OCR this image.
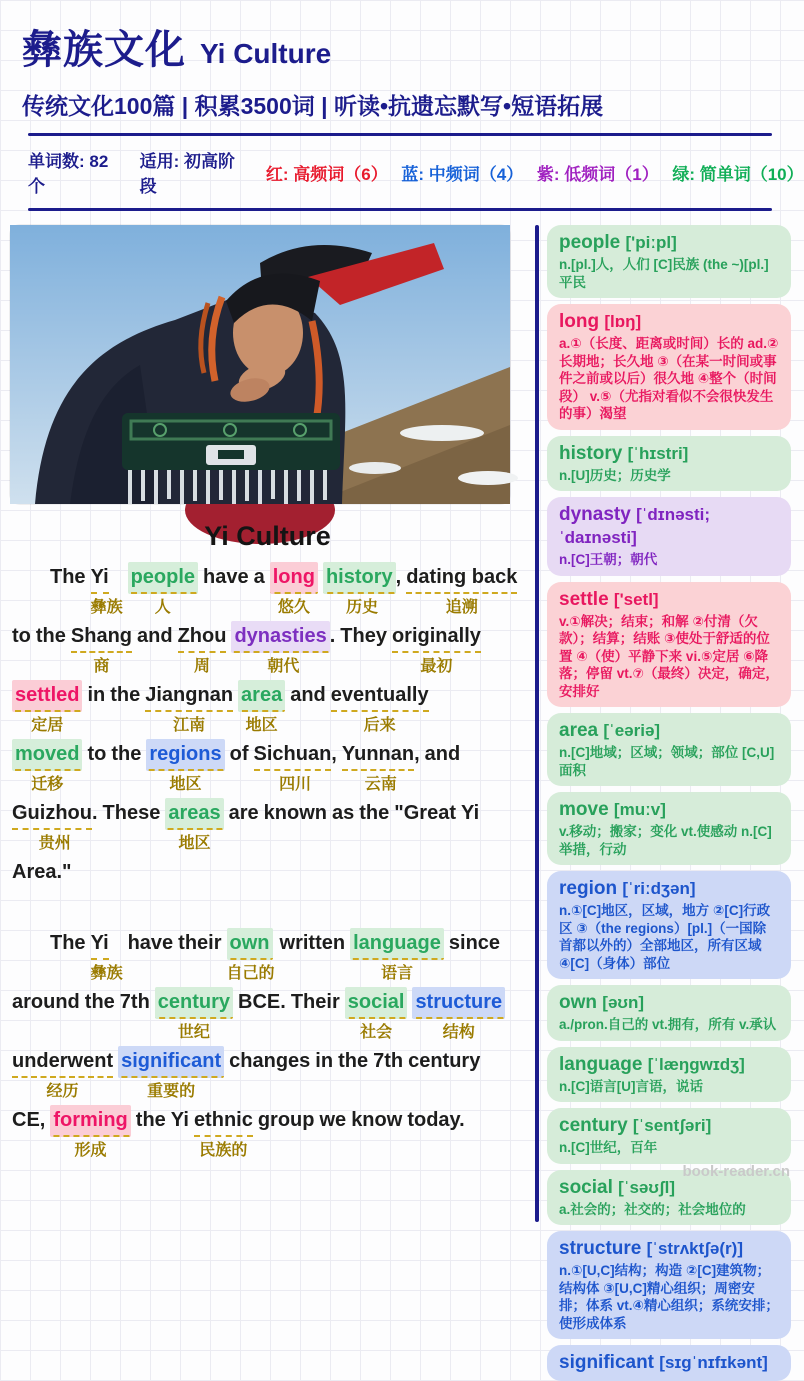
彝族文化 Yi Culture
传统文化100篇 | 积累3500词 | 听读•抗遗忘默写•短语拓展
单词数: 82个
适用: 初高阶段
红: 高频词（6） 蓝: 中频词（4） 紫: 低频词（1） 绿: 简单词（10）
Yi Culture
The
Yi
彝族
people
人
have
a
long
悠久
history ,
历史
dating back
追溯
to
the
Shang
商
and
Zhou
周
dynasties .
朝代
They
originally
最初
settled
定居
in
the
Jiangnan
江南
area
地区
and
eventually
后来
moved
迁移
to
the
regions
地区
of
Sichuan,
四川
Yunnan,
云南
and

Guizhou.
贵州
These
areas
地区
are
known
as
the
"Great
Yi

Area."

The
Yi
彝族
have
their
own
自己的
written
language
语言
since

around
the
7th
century
世纪
BCE.
Their
social
社会
structure
结构
underwent
经历
significant
重要的
changes
in
the
7th
century

CE,
forming
形成
the
Yi
ethnic
民族的
group
we
know
today.

people ['piːpl]
n.[pl.]人，人们 [C]民族 (the ~)[pl.]平民
long [lɒŋ]
a.①（长度、距离或时间）长的 ad.②长期地；长久地 ③（在某一时间或事件之前或以后）很久地 ④整个（时间段） v.⑤（尤指对看似不会很快发生的事）渴望
history [ˈhɪstri]
n.[U]历史；历史学
dynasty [ˈdɪnəsti;ˈdaɪnəsti]
n.[C]王朝；朝代
settle ['setl]
v.①解决；结束；和解 ②付清（欠款）；结算；结账 ③使处于舒适的位置 ④（使）平静下来 vi.⑤定居 ⑥降落；停留 vt.⑦（最终）决定，确定，安排好
area [ˈeəriə]
n.[C]地域；区域；领域；部位 [C,U]面积
move [muːv]
v.移动；搬家；变化 vt.使感动 n.[C]举措，行动
region [ˈriːdʒən]
n.①[C]地区，区域，地方 ②[C]行政区 ③（the regions）[pl.]（一国除首都以外的）全部地区，所有区域 ④[C]（身体）部位
own [əʊn]
a./pron.自己的 vt.拥有，所有 v.承认
language [ˈlæŋgwɪdʒ]
n.[C]语言[U]言语，说话
century [ˈsentʃəri]
n.[C]世纪，百年
social [ˈsəʊʃl]
a.社会的；社交的；社会地位的
structure [ˈstrʌktʃə(r)]
n.①[U,C]结构；构造 ②[C]建筑物；结构体 ③[U,C]精心组织；周密安排；体系 vt.④精心组织；系统安排；使形成体系
significant [sɪgˈnɪfɪkənt]
book-reader.cn
